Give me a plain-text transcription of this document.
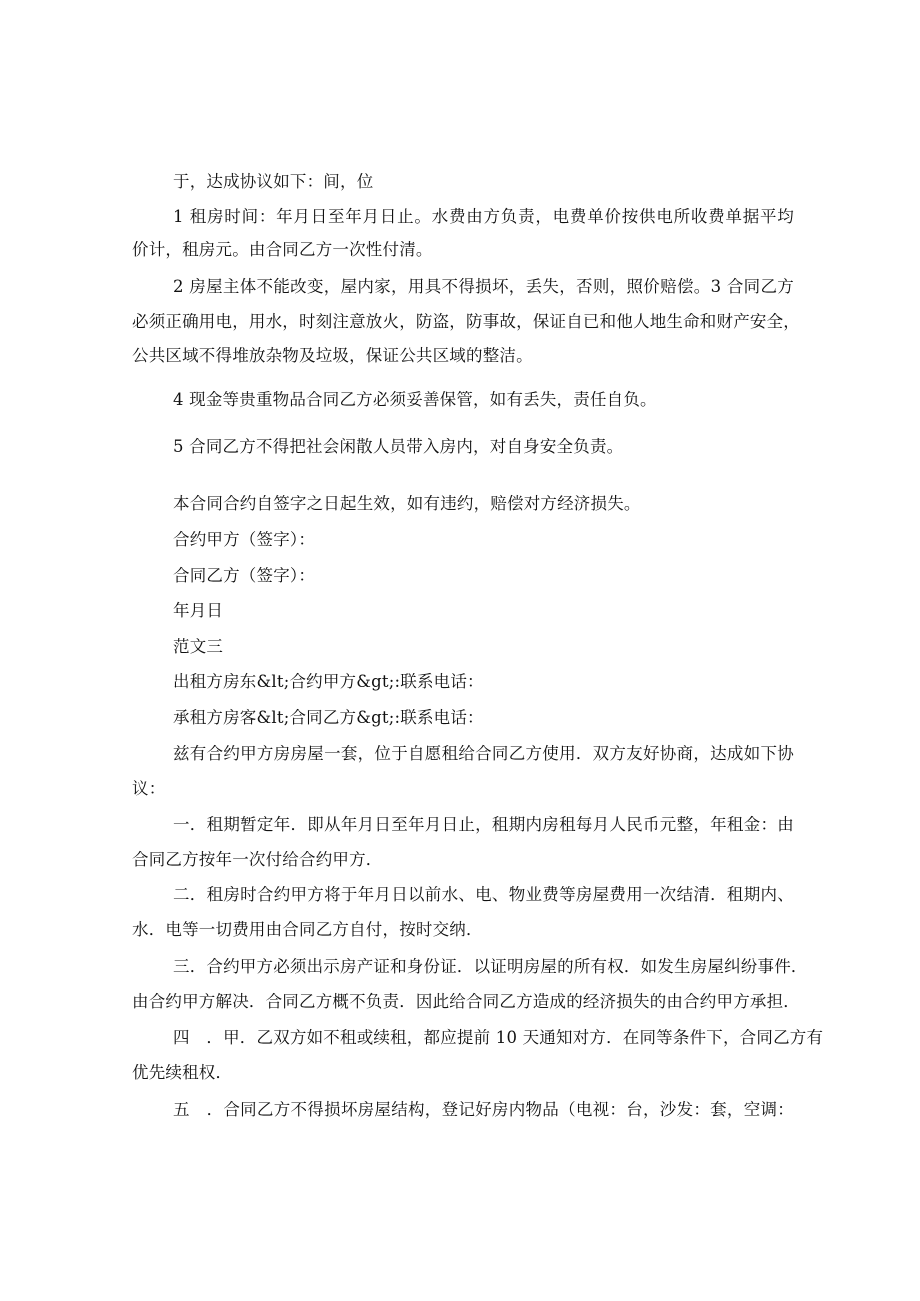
于，达成协议如下：间，位
1 租房时间：年月日至年月日止。水费由方负责，电费单价按供电所收费单据平均
价计，租房元。由合同乙方一次性付清。
2 房屋主体不能改变，屋内家，用具不得损坏，丢失，否则，照价赔偿。3 合同乙方
必须正确用电，用水，时刻注意放火，防盗，防事故，保证自已和他人地生命和财产安全，
公共区域不得堆放杂物及垃圾，保证公共区域的整洁。
4 现金等贵重物品合同乙方必须妥善保管，如有丢失，责任自负。
5 合同乙方不得把社会闲散人员带入房内，对自身安全负责。
本合同合约自签字之日起生效，如有违约，赔偿对方经济损失。
合约甲方（签字）：
合同乙方（签字）：
年月日
范文三
出租方房东&lt;合约甲方&gt;:联系电话：
承租方房客&lt;合同乙方&gt;:联系电话：
兹有合约甲方房房屋一套，位于自愿租给合同乙方使用．双方友好协商，达成如下协
议：
一．租期暂定年．即从年月日至年月日止，租期内房租每月人民币元整，年租金：由
合同乙方按年一次付给合约甲方．
二．租房时合约甲方将于年月日以前水、电、物业费等房屋费用一次结清．租期内、
水．电等一切费用由合同乙方自付，按时交纳．
三．合约甲方必须出示房产证和身份证．以证明房屋的所有权．如发生房屋纠纷事件．
由合约甲方解决．合同乙方概不负责．因此给合同乙方造成的经济损失的由合约甲方承担．
四　．甲．乙双方如不租或续租，都应提前 10 天通知对方．在同等条件下，合同乙方有
优先续租权．
五　．合同乙方不得损坏房屋结构，登记好房内物品（电视：台，沙发：套，空调：
